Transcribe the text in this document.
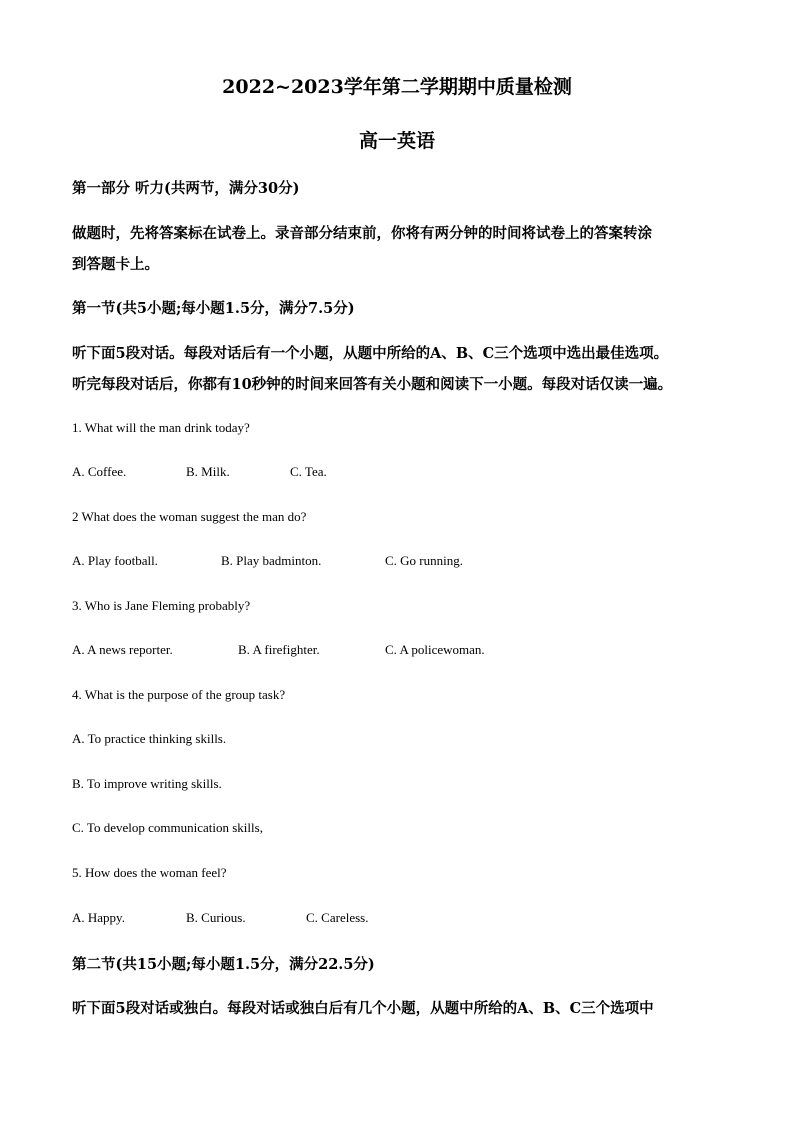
2022~2023学年第二学期期中质量检测
高一英语
第一部分 听力(共两节，满分30分)
做题时，先将答案标在试卷上。录音部分结束前，你将有两分钟的时间将试卷上的答案转涂
到答题卡上。
第一节(共5小题;每小题1.5分，满分7.5分)
听下面5段对话。每段对话后有一个小题，从题中所给的A、B、C三个选项中选出最佳选项。
听完每段对话后，你都有10秒钟的时间来回答有关小题和阅读下一小题。每段对话仅读一遍。
1. What will the man drink today?
A. Coffee.	B. Milk.	C. Tea.
2 What does the woman suggest the man do?
A. Play football.	B. Play badminton.	C. Go running.
3. Who is Jane Fleming probably?
A. A news reporter.	B. A firefighter.	C. A policewoman.
4. What is the purpose of the group task?
A. To practice thinking skills.
B. To improve writing skills.
C. To develop communication skills,
5. How does the woman feel?
A. Happy.	B. Curious.	C. Careless.
第二节(共15小题;每小题1.5分，满分22.5分)
听下面5段对话或独白。每段对话或独白后有几个小题，从题中所给的A、B、C三个选项中
